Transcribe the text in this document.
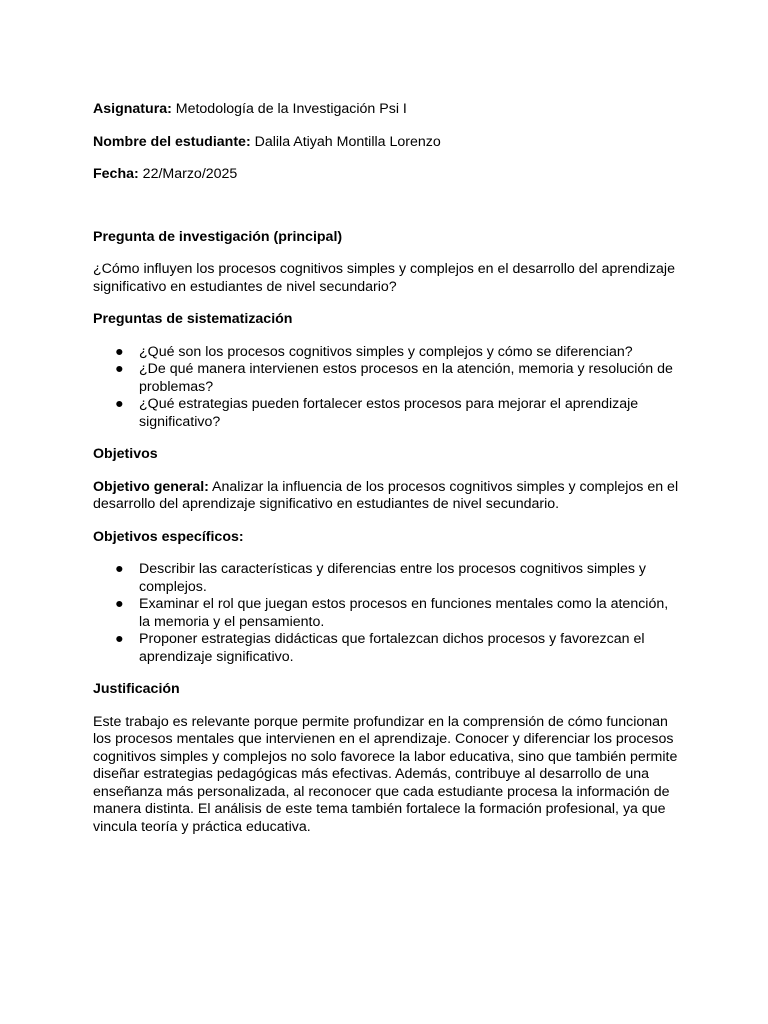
Asignatura: Metodología de la Investigación Psi I

Nombre del estudiante: Dalila Atiyah Montilla Lorenzo

Fecha: 22/Marzo/2025

Pregunta de investigación (principal)

¿Cómo influyen los procesos cognitivos simples y complejos en el desarrollo del aprendizaje significativo en estudiantes de nivel secundario?

Preguntas de sistematización

● ¿Qué son los procesos cognitivos simples y complejos y cómo se diferencian?
● ¿De qué manera intervienen estos procesos en la atención, memoria y resolución de problemas?
● ¿Qué estrategias pueden fortalecer estos procesos para mejorar el aprendizaje significativo?

Objetivos

Objetivo general: Analizar la influencia de los procesos cognitivos simples y complejos en el desarrollo del aprendizaje significativo en estudiantes de nivel secundario.

Objetivos específicos:

● Describir las características y diferencias entre los procesos cognitivos simples y complejos.
● Examinar el rol que juegan estos procesos en funciones mentales como la atención, la memoria y el pensamiento.
● Proponer estrategias didácticas que fortalezcan dichos procesos y favorezcan el aprendizaje significativo.

Justificación

Este trabajo es relevante porque permite profundizar en la comprensión de cómo funcionan los procesos mentales que intervienen en el aprendizaje. Conocer y diferenciar los procesos cognitivos simples y complejos no solo favorece la labor educativa, sino que también permite diseñar estrategias pedagógicas más efectivas. Además, contribuye al desarrollo de una enseñanza más personalizada, al reconocer que cada estudiante procesa la información de manera distinta. El análisis de este tema también fortalece la formación profesional, ya que vincula teoría y práctica educativa.
